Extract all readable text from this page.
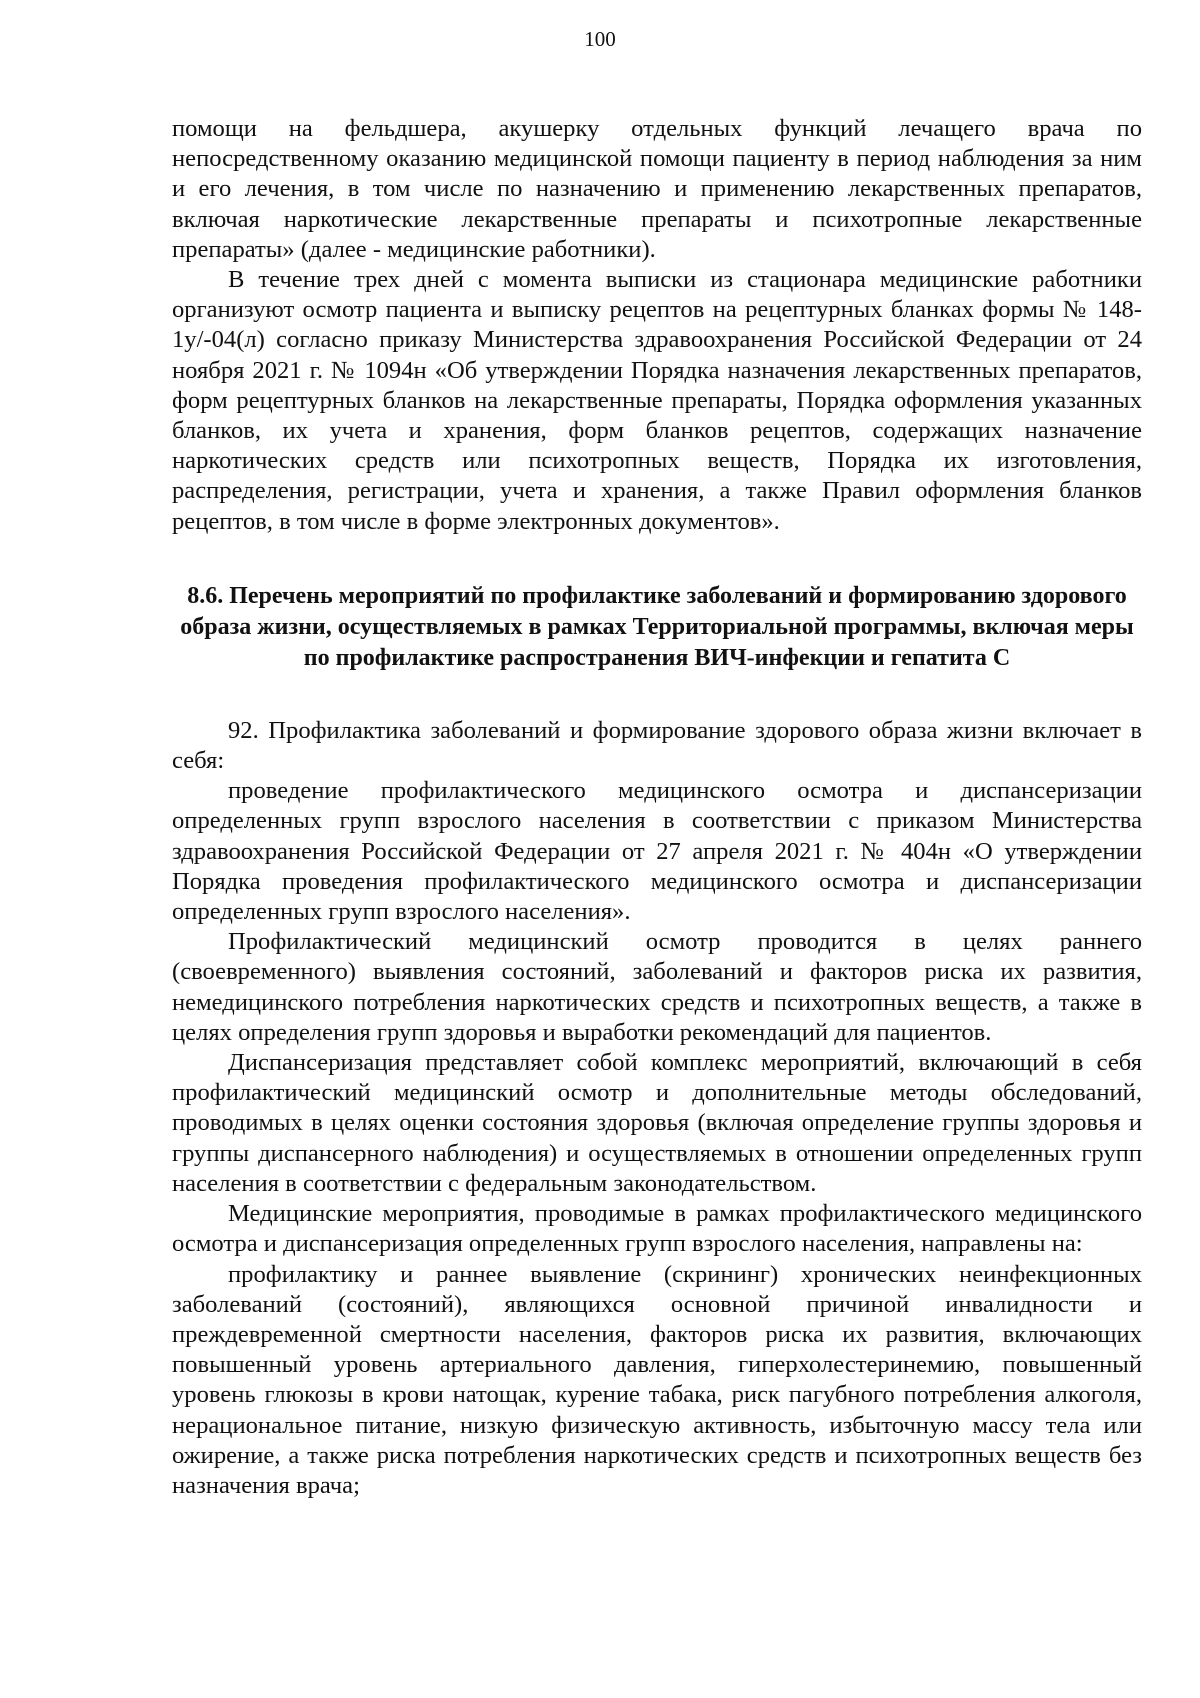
100

помощи на фельдшера, акушерку отдельных функций лечащего врача по непосредственному оказанию медицинской помощи пациенту в период наблюдения за ним и его лечения, в том числе по назначению и применению лекарственных препаратов, включая наркотические лекарственные препараты и психотропные лекарственные препараты» (далее - медицинские работники).

В течение трех дней с момента выписки из стационара медицинские работники организуют осмотр пациента и выписку рецептов на рецептурных бланках формы № 148-1у/-04(л) согласно приказу Министерства здравоохранения Российской Федерации от 24 ноября 2021 г. № 1094н «Об утверждении Порядка назначения лекарственных препаратов, форм рецептурных бланков на лекарственные препараты, Порядка оформления указанных бланков, их учета и хранения, форм бланков рецептов, содержащих назначение наркотических средств или психотропных веществ, Порядка их изготовления, распределения, регистрации, учета и хранения, а также Правил оформления бланков рецептов, в том числе в форме электронных документов».

8.6. Перечень мероприятий по профилактике заболеваний и формированию здорового образа жизни, осуществляемых в рамках Территориальной программы, включая меры по профилактике распространения ВИЧ-инфекции и гепатита С

92. Профилактика заболеваний и формирование здорового образа жизни включает в себя:

проведение профилактического медицинского осмотра и диспансеризации определенных групп взрослого населения в соответствии с приказом Министерства здравоохранения Российской Федерации от 27 апреля 2021 г. № 404н «О утверждении Порядка проведения профилактического медицинского осмотра и диспансеризации определенных групп взрослого населения».

Профилактический медицинский осмотр проводится в целях раннего (своевременного) выявления состояний, заболеваний и факторов риска их развития, немедицинского потребления наркотических средств и психотропных веществ, а также в целях определения групп здоровья и выработки рекомендаций для пациентов.

Диспансеризация представляет собой комплекс мероприятий, включающий в себя профилактический медицинский осмотр и дополнительные методы обследований, проводимых в целях оценки состояния здоровья (включая определение группы здоровья и группы диспансерного наблюдения) и осуществляемых в отношении определенных групп населения в соответствии с федеральным законодательством.

Медицинские мероприятия, проводимые в рамках профилактического медицинского осмотра и диспансеризация определенных групп взрослого населения, направлены на:

профилактику и раннее выявление (скрининг) хронических неинфекционных заболеваний (состояний), являющихся основной причиной инвалидности и преждевременной смертности населения, факторов риска их развития, включающих повышенный уровень артериального давления, гиперхолестеринемию, повышенный уровень глюкозы в крови натощак, курение табака, риск пагубного потребления алкоголя, нерациональное питание, низкую физическую активность, избыточную массу тела или ожирение, а также риска потребления наркотических средств и психотропных веществ без назначения врача;
